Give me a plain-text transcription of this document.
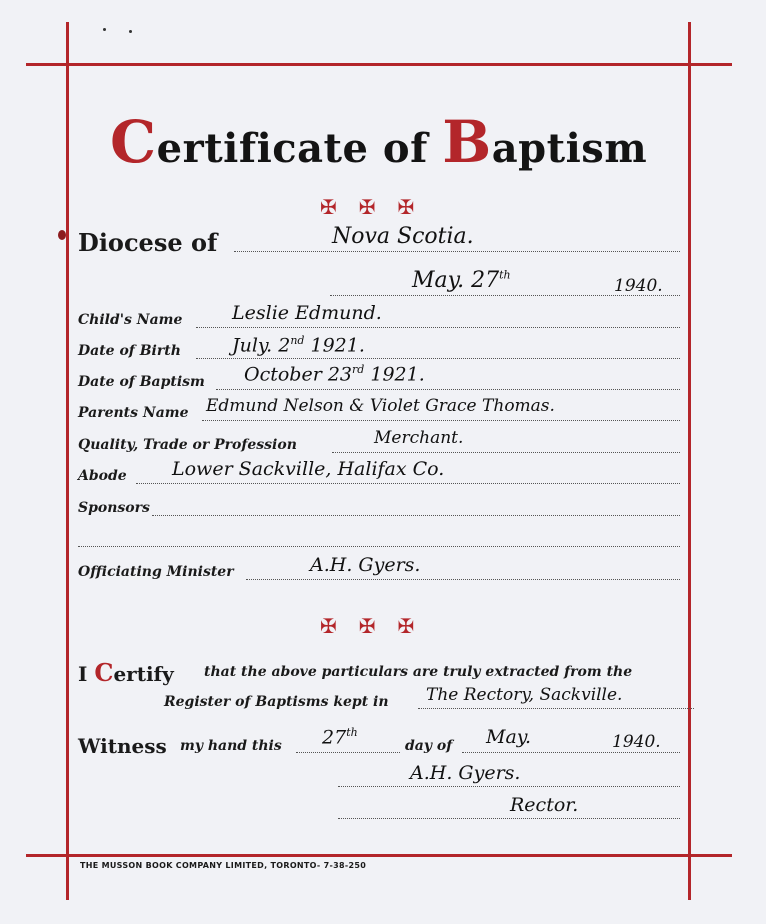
Certificate of Baptism
✠✠✠
Diocese of	Nova Scotia.
May. 27th
1940.
Child's Name	Leslie Edmund.
Date of Birth	July. 2nd 1921.
Date of Baptism October 23rd 1921.
Parents Name Edmund Nelson & Violet Grace Thomas.
Quality, Trade or Profession	Merchant.
Abode Lower Sackville, Halifax Co.
Sponsors
Officiating Minister	A.H. Gyers.
✠✠✠
I Certify that the above particulars are truly extracted from the
Register of Baptisms kept in The Rectory, Sackville.
Witness my hand this 27th
day of May.	1940.
A.H. Gyers.
Rector.
THE MUSSON BOOK COMPANY LIMITED, TORONTO- 7-38-250
